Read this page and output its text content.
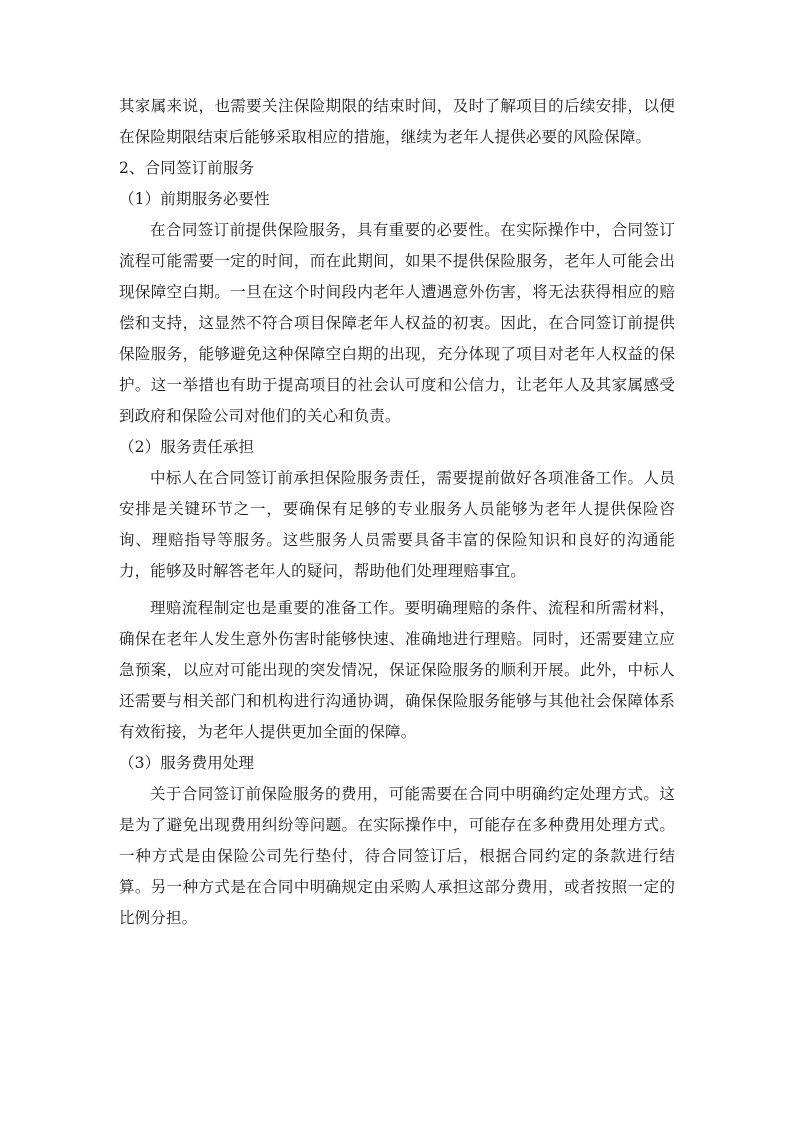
其家属来说，也需要关注保险期限的结束时间，及时了解项目的后续安排，以便在保险期限结束后能够采取相应的措施，继续为老年人提供必要的风险保障。

2、合同签订前服务

（1）前期服务必要性

在合同签订前提供保险服务，具有重要的必要性。在实际操作中，合同签订流程可能需要一定的时间，而在此期间，如果不提供保险服务，老年人可能会出现保障空白期。一旦在这个时间段内老年人遭遇意外伤害，将无法获得相应的赔偿和支持，这显然不符合项目保障老年人权益的初衷。因此，在合同签订前提供保险服务，能够避免这种保障空白期的出现，充分体现了项目对老年人权益的保护。这一举措也有助于提高项目的社会认可度和公信力，让老年人及其家属感受到政府和保险公司对他们的关心和负责。

（2）服务责任承担

中标人在合同签订前承担保险服务责任，需要提前做好各项准备工作。人员安排是关键环节之一，要确保有足够的专业服务人员能够为老年人提供保险咨询、理赔指导等服务。这些服务人员需要具备丰富的保险知识和良好的沟通能力，能够及时解答老年人的疑问，帮助他们处理理赔事宜。

理赔流程制定也是重要的准备工作。要明确理赔的条件、流程和所需材料，确保在老年人发生意外伤害时能够快速、准确地进行理赔。同时，还需要建立应急预案，以应对可能出现的突发情况，保证保险服务的顺利开展。此外，中标人还需要与相关部门和机构进行沟通协调，确保保险服务能够与其他社会保障体系有效衔接，为老年人提供更加全面的保障。

（3）服务费用处理

关于合同签订前保险服务的费用，可能需要在合同中明确约定处理方式。这是为了避免出现费用纠纷等问题。在实际操作中，可能存在多种费用处理方式。一种方式是由保险公司先行垫付，待合同签订后，根据合同约定的条款进行结算。另一种方式是在合同中明确规定由采购人承担这部分费用，或者按照一定的比例分担。
